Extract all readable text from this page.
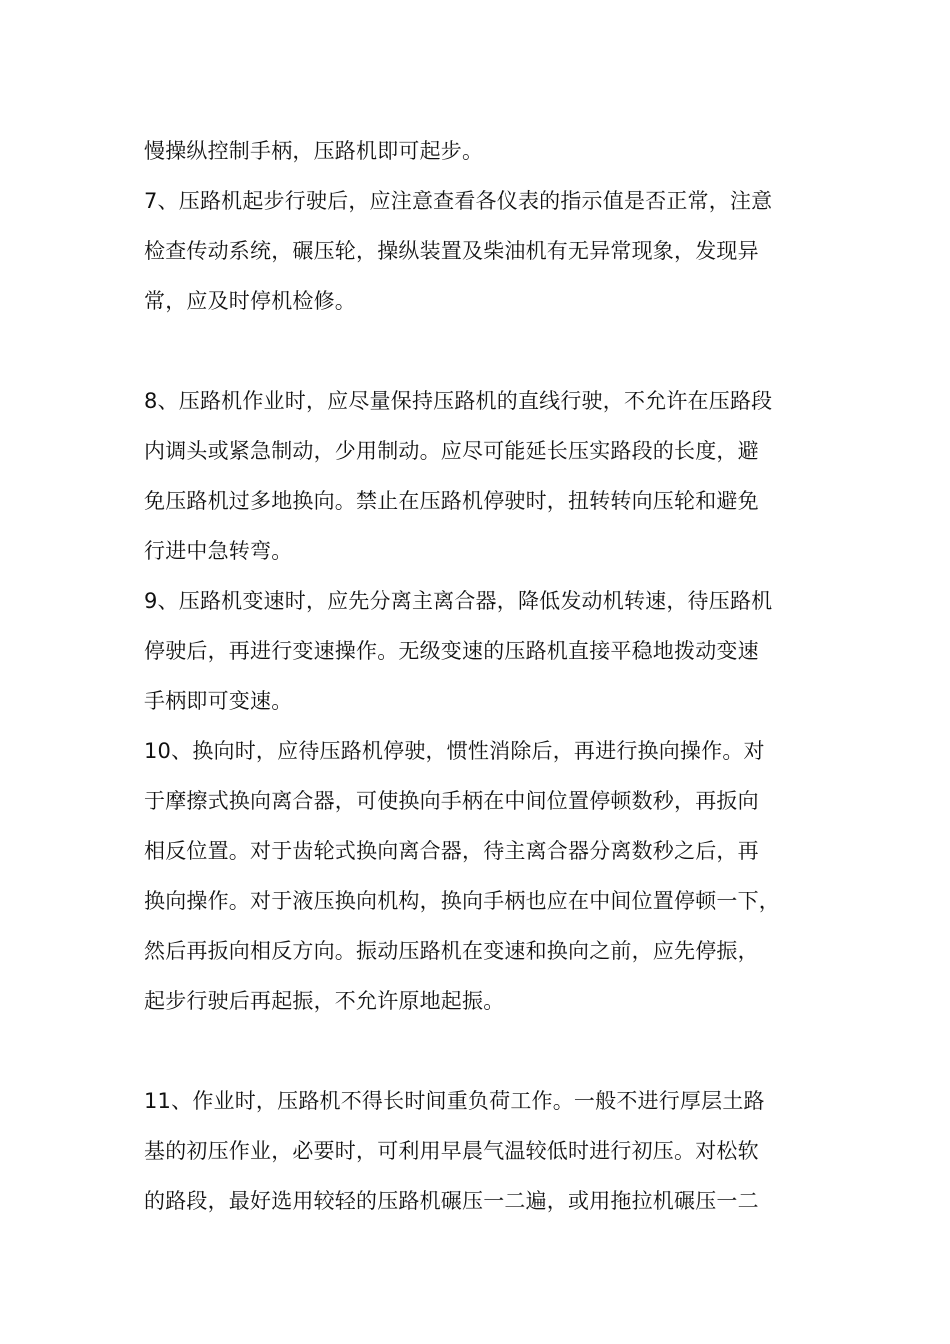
慢操纵控制手柄，压路机即可起步。
7、压路机起步行驶后，应注意查看各仪表的指示值是否正常，注意
检查传动系统，碾压轮，操纵装置及柴油机有无异常现象，发现异
常，应及时停机检修。
8、压路机作业时，应尽量保持压路机的直线行驶，不允许在压路段
内调头或紧急制动，少用制动。应尽可能延长压实路段的长度，避
免压路机过多地换向。禁止在压路机停驶时，扭转转向压轮和避免
行进中急转弯。
9、压路机变速时，应先分离主离合器，降低发动机转速，待压路机
停驶后，再进行变速操作。无级变速的压路机直接平稳地拨动变速
手柄即可变速。
10、换向时，应待压路机停驶，惯性消除后，再进行换向操作。对
于摩擦式换向离合器，可使换向手柄在中间位置停顿数秒，再扳向
相反位置。对于齿轮式换向离合器，待主离合器分离数秒之后，再
换向操作。对于液压换向机构，换向手柄也应在中间位置停顿一下，
然后再扳向相反方向。振动压路机在变速和换向之前，应先停振，
起步行驶后再起振，不允许原地起振。
11、作业时，压路机不得长时间重负荷工作。一般不进行厚层土路
基的初压作业，必要时，可利用早晨气温较低时进行初压。对松软
的路段，最好选用较轻的压路机碾压一二遍，或用拖拉机碾压一二
